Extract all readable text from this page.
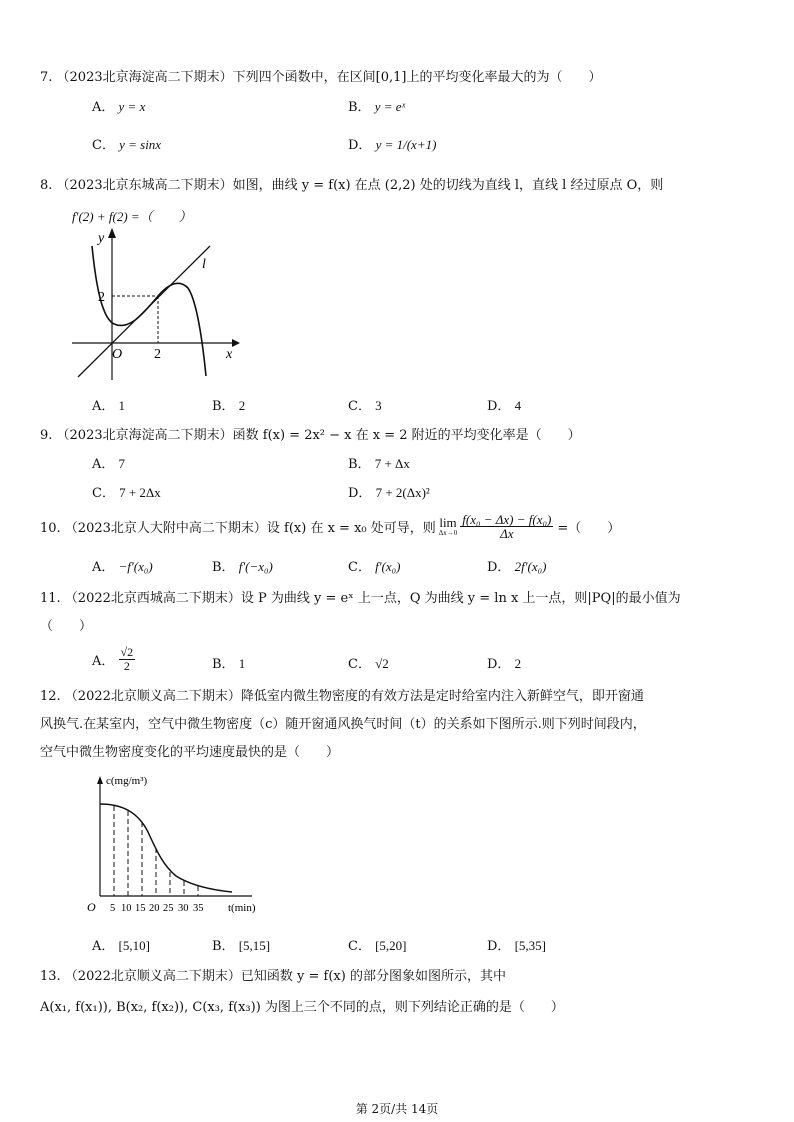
7. （2023北京海淀高二下期末）下列四个函数中，在区间[0,1]上的平均变化率最大的为（　　）
A． y = x	B． y = eˣ
C． y = sinx	D． y = 1/(x+1)
8. （2023北京东城高二下期末）如图，曲线 y = f(x) 在点 (2,2) 处的切线为直线 l，直线 l 经过原点 O，则
f′(2) + f(2) =（　　）
y
x
l
O
2
2
A． 1	B． 2	C． 3	D． 4
9. （2023北京海淀高二下期末）函数 f(x) = 2x² − x 在 x = 2 附近的平均变化率是（　　）
A． 7	B． 7 + Δx
C． 7 + 2Δx	D． 7 + 2(Δx)²
10. （2023北京人大附中高二下期末）设 f(x) 在 x = x₀ 处可导，则 lim
$\Delta x\to 0 \frac{\text{f(x₀ − Δx) − f(x₀)}}{\Delta x}$ =（　　）
A． −f′(x₀)	B． f′(−x₀)	C． f′(x₀)	D． 2f′(x₀)
11. （2022北京西城高二下期末）设 P 为曲线 y = eˣ 上一点，Q 为曲线 y = ln x 上一点，则|PQ|的最小值为
（　　）
A．
$\frac{√2}{2}$	B． 1	C． √2	D． 2
12. （2022北京顺义高二下期末）降低室内微生物密度的有效方法是定时给室内注入新鲜空气，即开窗通
风换气.在某室内，空气中微生物密度（c）随开窗通风换气时间（t）的关系如下图所示.则下列时间段内，
空气中微生物密度变化的平均速度最快的是（　　）
c(mg/m³)
t(min)
O 5 10 15 20 25 30 35
A． [5,10]	B． [5,15]	C． [5,20]	D． [5,35]
13. （2022北京顺义高二下期末）已知函数 y = f(x) 的部分图象如图所示，其中
A(x₁, f(x₁)), B(x₂, f(x₂)), C(x₃, f(x₃)) 为图上三个不同的点，则下列结论正确的是（　　）
第 2页/共 14页
